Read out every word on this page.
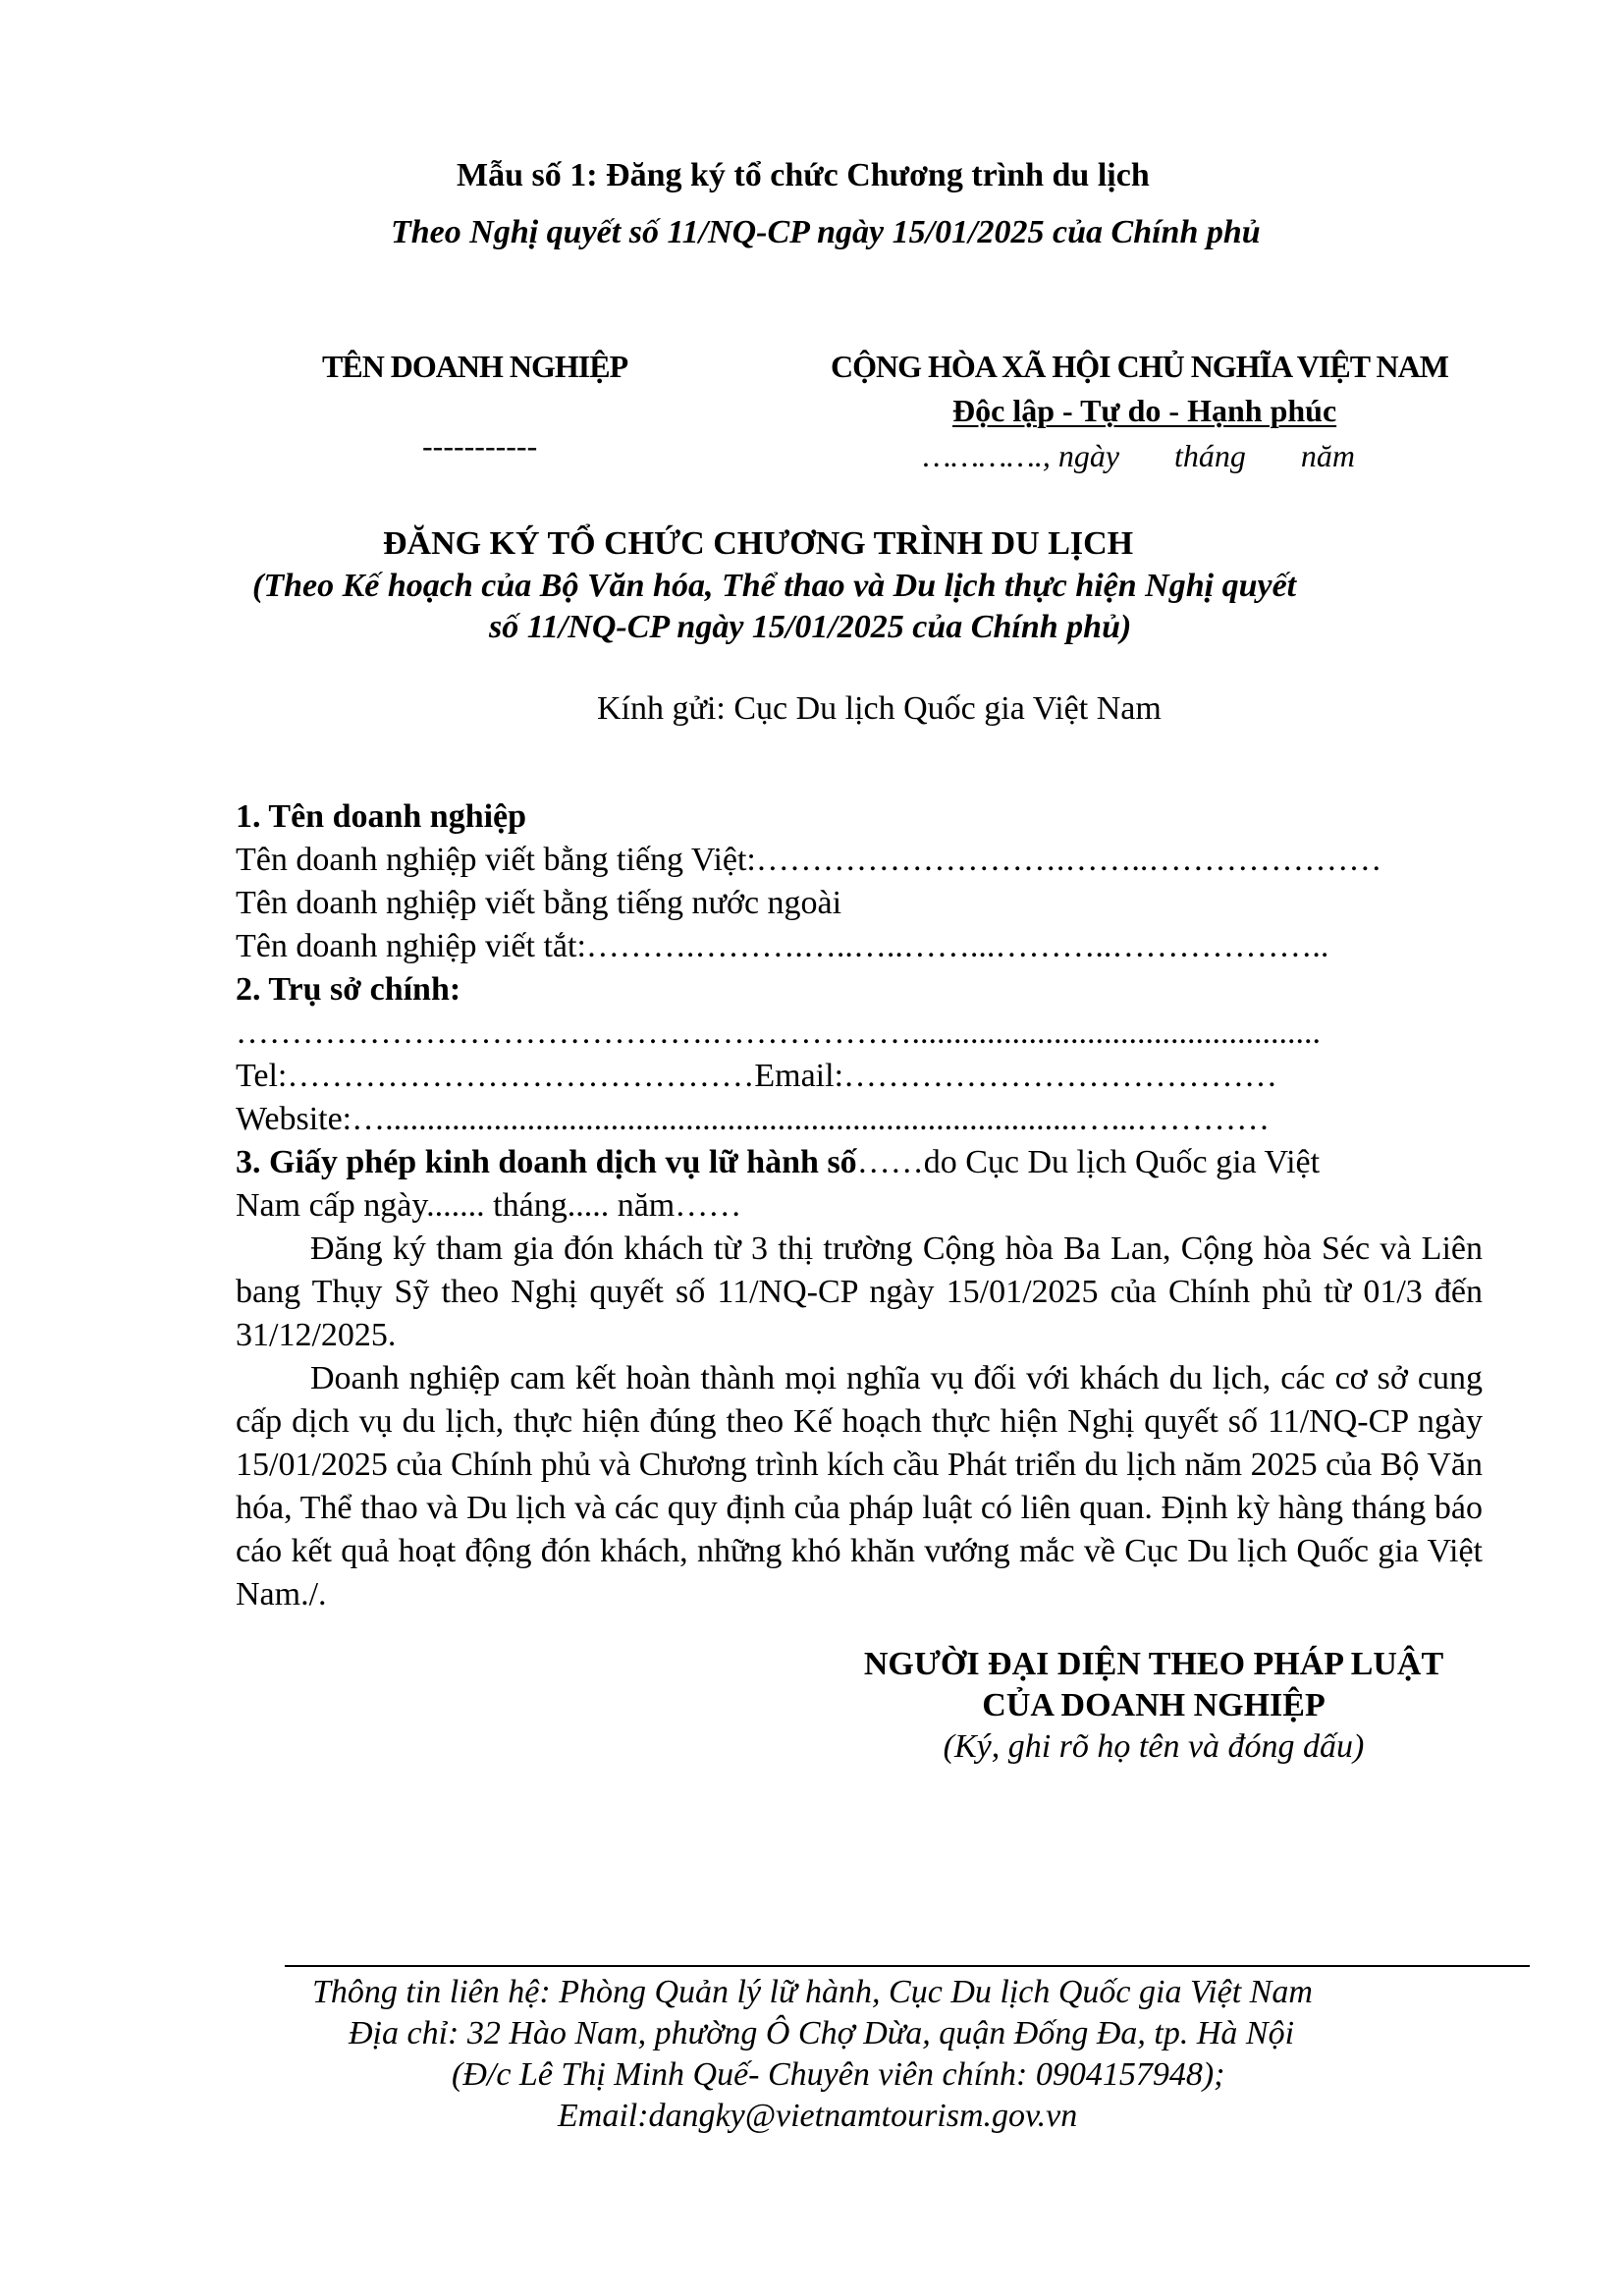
Mẫu số 1: Đăng ký tổ chức Chương trình du lịch
Theo Nghị quyết số 11/NQ-CP ngày 15/01/2025 của Chính phủ
TÊN DOANH NGHIỆP
-----------
CỘNG HÒA XÃ HỘI CHỦ NGHĨA VIỆT NAM
Độc lập - Tự do - Hạnh phúc
…………., ngày       tháng       năm
ĐĂNG KÝ TỔ CHỨC CHƯƠNG TRÌNH DU LỊCH
(Theo Kế hoạch của Bộ Văn hóa, Thể thao và Du lịch thực hiện Nghị quyết
số 11/NQ-CP ngày 15/01/2025 của Chính phủ)
Kính gửi: Cục Du lịch Quốc gia Việt Nam
1. Tên doanh nghiệp
Tên doanh nghiệp viết bằng tiếng Việt:……………………….……..…………………
Tên doanh nghiệp viết bằng tiếng nước ngoài
Tên doanh nghiệp viết tắt:……….……….…..…..……...………..………………..
2. Trụ sở chính:
…………………………………….……………….................................................
Tel:……………………………………Email:…………………………………
Website:…...................................................................................…...…………
3. Giấy phép kinh doanh dịch vụ lữ hành số……do Cục Du lịch Quốc gia Việt
Nam cấp ngày....... tháng..... năm……
Đăng ký tham gia đón khách từ 3 thị trường Cộng hòa Ba Lan, Cộng hòa Séc và Liên bang Thụy Sỹ theo Nghị quyết số 11/NQ-CP ngày 15/01/2025 của Chính phủ từ 01/3 đến 31/12/2025.
Doanh nghiệp cam kết hoàn thành mọi nghĩa vụ đối với khách du lịch, các cơ sở cung cấp dịch vụ du lịch, thực hiện đúng theo Kế hoạch thực hiện Nghị quyết số 11/NQ-CP ngày 15/01/2025 của Chính phủ và Chương trình kích cầu Phát triển du lịch năm 2025 của Bộ Văn hóa, Thể thao và Du lịch và các quy định của pháp luật có liên quan. Định kỳ hàng tháng báo cáo kết quả hoạt động đón khách, những khó khăn vướng mắc về Cục Du lịch Quốc gia Việt Nam./.
NGƯỜI ĐẠI DIỆN THEO PHÁP LUẬT
CỦA DOANH NGHIỆP
(Ký, ghi rõ họ tên và đóng dấu)
Thông tin liên hệ: Phòng Quản lý lữ hành, Cục Du lịch Quốc gia Việt Nam
Địa chỉ: 32 Hào Nam, phường Ô Chợ Dừa, quận Đống Đa, tp. Hà Nội
(Đ/c Lê Thị Minh Quế- Chuyên viên chính: 0904157948);
Email:dangky@vietnamtourism.gov.vn
